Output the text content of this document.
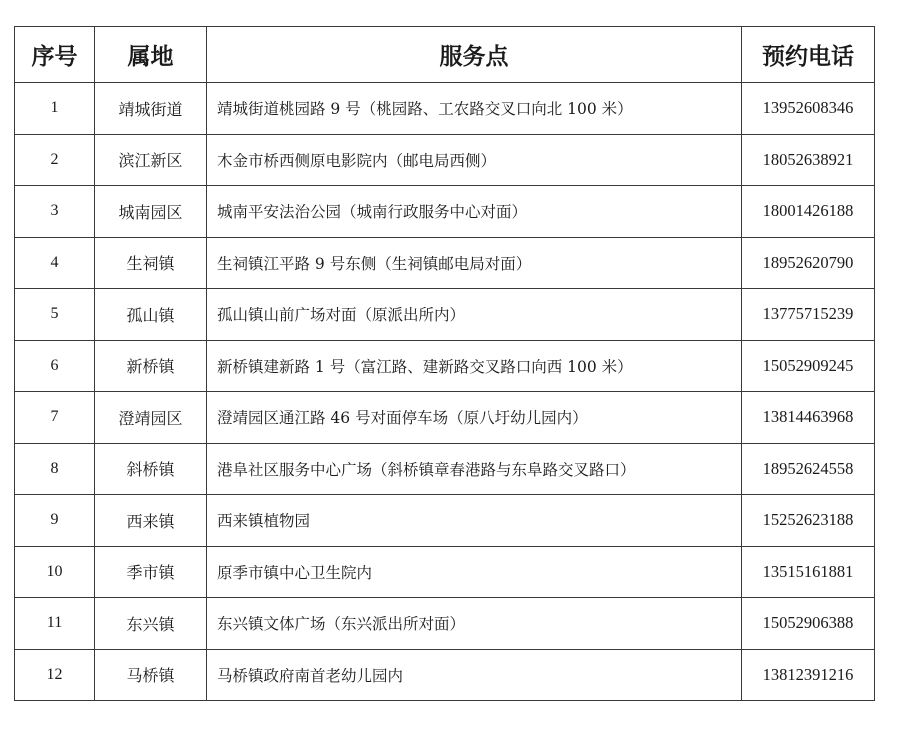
序号	属地	服务点	预约电话
1	靖城街道	靖城街道桃园路 9 号（桃园路、工农路交叉口向北 100 米）	13952608346
2	滨江新区	木金市桥西侧原电影院内（邮电局西侧）	18052638921
3	城南园区	城南平安法治公园（城南行政服务中心对面）	18001426188
4	生祠镇	生祠镇江平路 9 号东侧（生祠镇邮电局对面）	18952620790
5	孤山镇	孤山镇山前广场对面（原派出所内）	13775715239
6	新桥镇	新桥镇建新路 1 号（富江路、建新路交叉路口向西 100 米）	15052909245
7	澄靖园区	澄靖园区通江路 46 号对面停车场（原八圩幼儿园内）	13814463968
8	斜桥镇	港阜社区服务中心广场（斜桥镇章春港路与东阜路交叉路口）	18952624558
9	西来镇	西来镇植物园	15252623188
10	季市镇	原季市镇中心卫生院内	13515161881
11	东兴镇	东兴镇文体广场（东兴派出所对面）	15052906388
12	马桥镇	马桥镇政府南首老幼儿园内	13812391216
